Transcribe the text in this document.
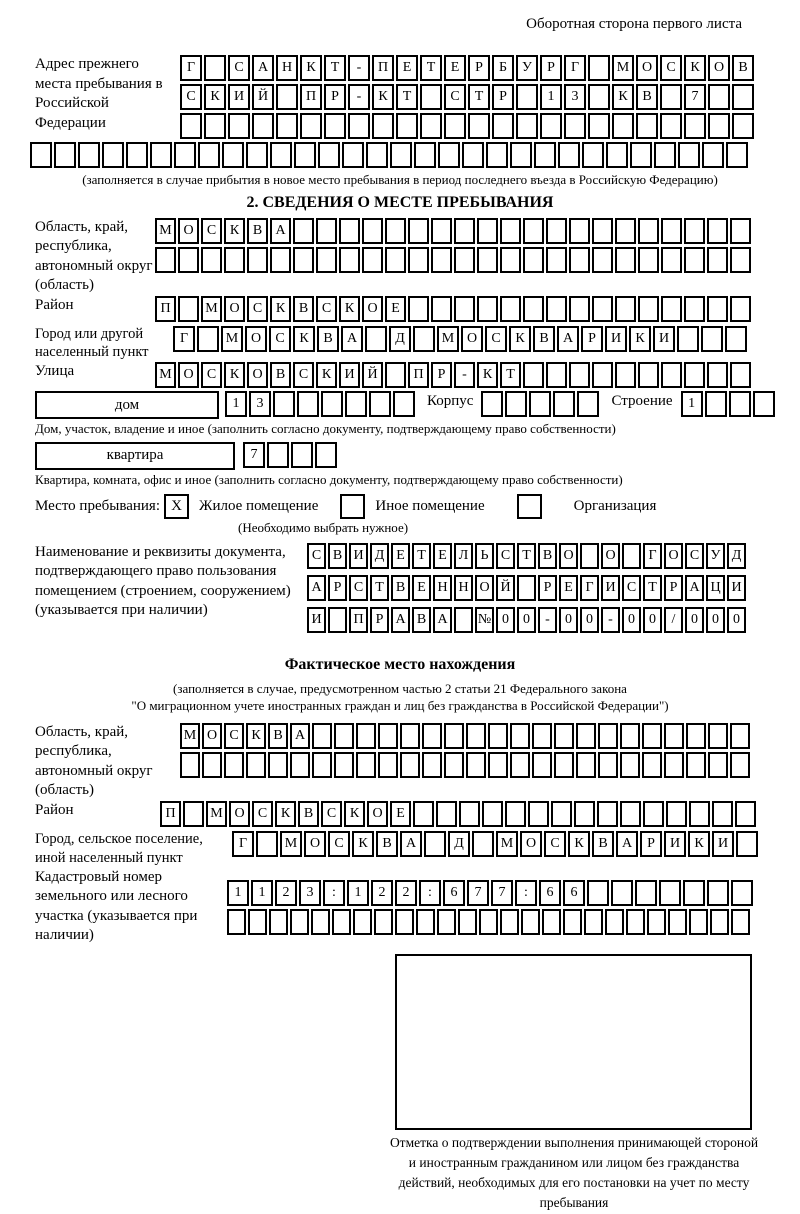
Оборотная сторона первого листа
Адрес прежнего места пребывания в Российской Федерации
Г	С	А Н	К	Т	-	П	Е	Т	Е	Р	Б	У	Р	Г	М О	С	К	О	В
С	К	И Й	П	Р	-	К	Т	С	Т	Р	1	3	К	В	7
(заполняется в случае прибытия в новое место пребывания в период последнего въезда в Российскую Федерацию)
2. СВЕДЕНИЯ О МЕСТЕ ПРЕБЫВАНИЯ
Область, край, республика, автономный округ (область)
М О С К В А
Район	П	М О С К В С К О Е
Город или другой населенный пункт
Г	М О	С	К	В	А	Д	М О	С	К	В	А	Р	И	К	И
Улица	М О С К О В С К И Й	П	Р	-	К	Т
дом	1	3	Корпус	Строение	1
Дом, участок, владение и иное (заполнить согласно документу, подтверждающему право собственности)
квартира	7
Квартира, комната, офис и иное (заполнить согласно документу, подтверждающему право собственности)
Место пребывания: X	Жилое помещение	Иное помещение	Организация
(Необходимо выбрать нужное)
Наименование и реквизиты документа, подтверждающего право пользования помещением (строением, сооружением) (указывается при наличии)
С В И Д Е Т Е Л Ь С Т В О	О	Г О С У Д
А Р С Т В Е Н Н О Й	Р Е Г И С Т Р А Ц И
И	П Р А В А	№ 0	0	-	0	0	-	0	0	/	0	0	0
Фактическое место нахождения
(заполняется в случае, предусмотренном частью 2 статьи 21 Федерального закона
"О миграционном учете иностранных граждан и лиц без гражданства в Российской Федерации")
Область, край, республика, автономный округ (область)
М О С К В А
Район	П	М О С К В С К О Е
Город, сельское поселение, иной населенный пункт
Г	М О	С	К	В	А	Д	М О	С	К	В	А	Р	И	К	И
Кадастровый номер земельного или лесного участка (указывается при наличии)
1	1	2	3	:	1	2	2	:	6	7	7	:	6	6
Отметка о подтверждении выполнения принимающей стороной и иностранным гражданином или лицом без гражданства действий, необходимых для его постановки на учет по месту пребывания
